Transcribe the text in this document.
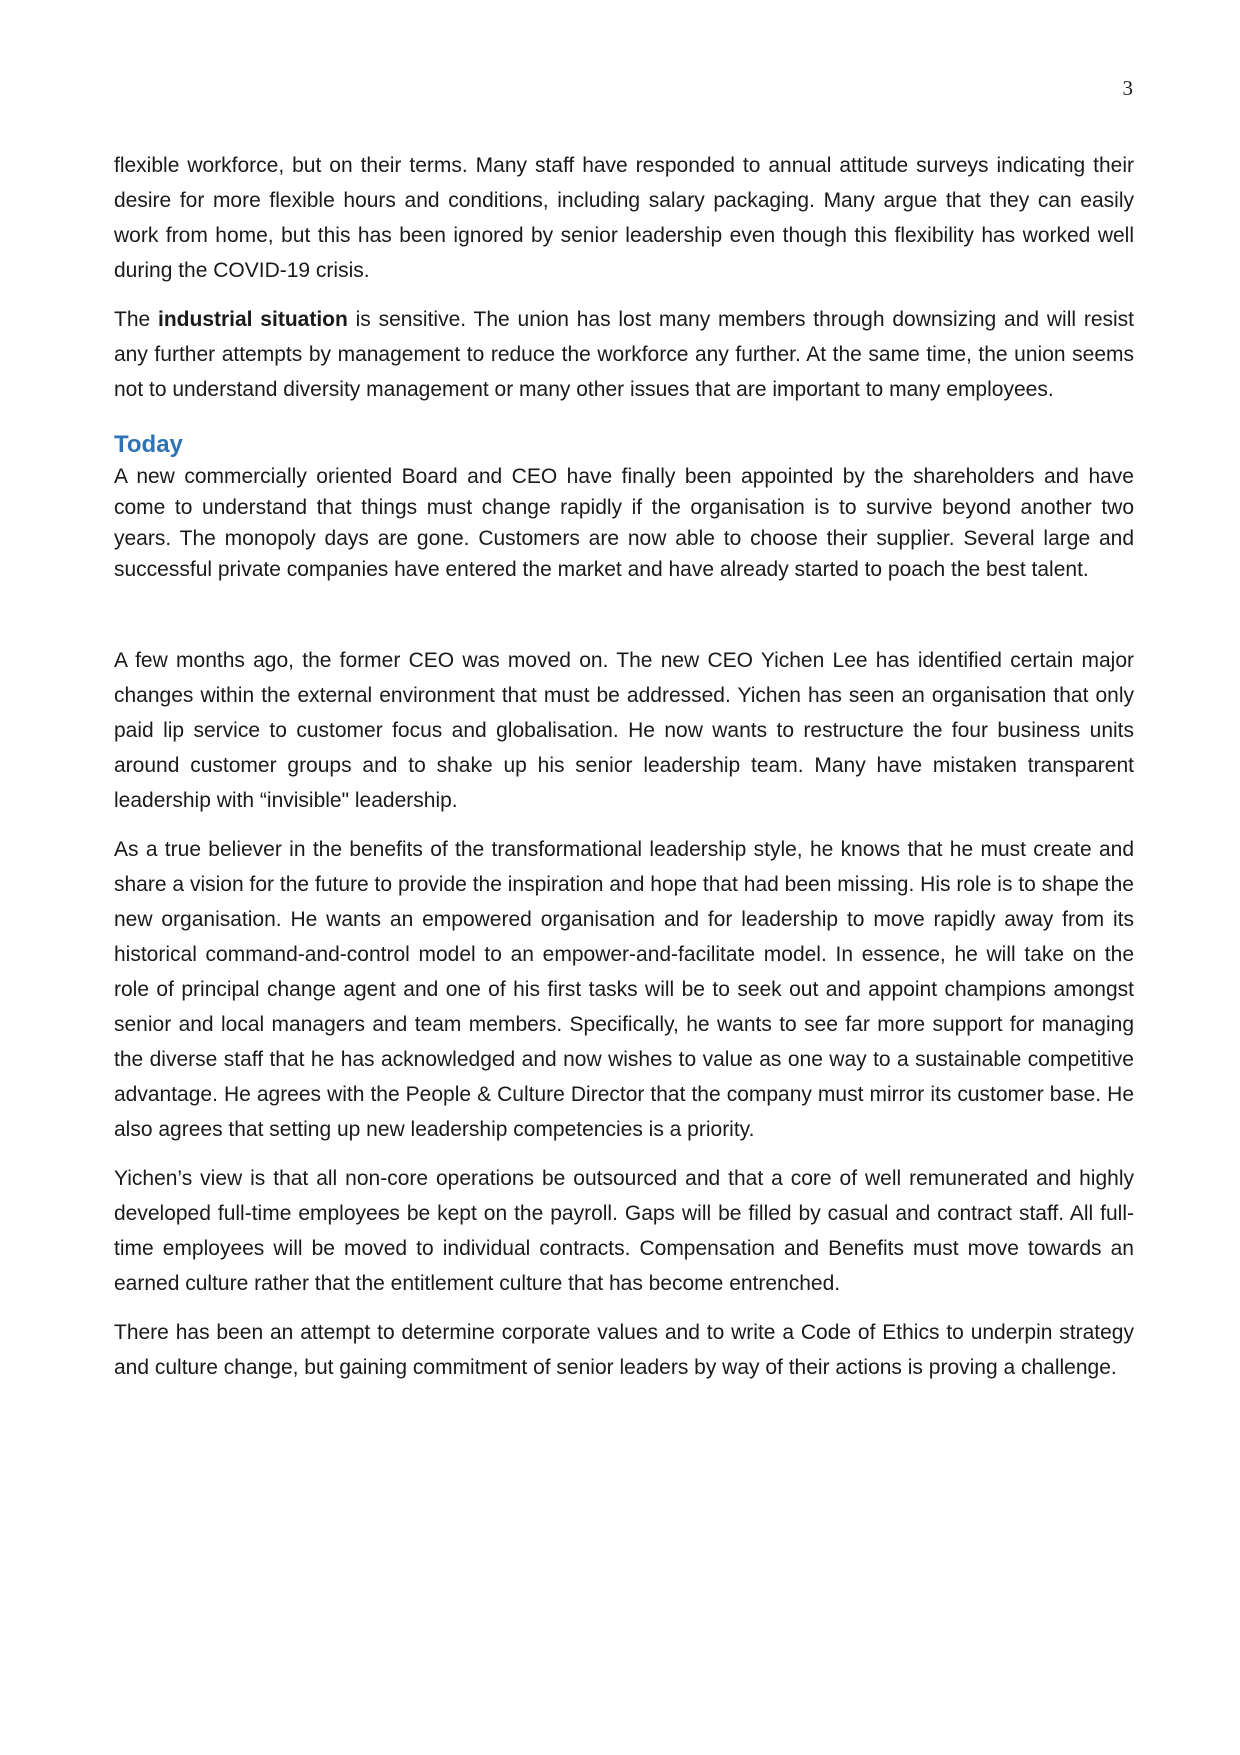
3

flexible workforce, but on their terms. Many staff have responded to annual attitude surveys indicating their desire for more flexible hours and conditions, including salary packaging. Many argue that they can easily work from home, but this has been ignored by senior leadership even though this flexibility has worked well during the COVID-19 crisis.

The industrial situation is sensitive. The union has lost many members through downsizing and will resist any further attempts by management to reduce the workforce any further. At the same time, the union seems not to understand diversity management or many other issues that are important to many employees.

Today

A new commercially oriented Board and CEO have finally been appointed by the shareholders and have come to understand that things must change rapidly if the organisation is to survive beyond another two years. The monopoly days are gone. Customers are now able to choose their supplier. Several large and successful private companies have entered the market and have already started to poach the best talent.

A few months ago, the former CEO was moved on. The new CEO Yichen Lee has identified certain major changes within the external environment that must be addressed. Yichen has seen an organisation that only paid lip service to customer focus and globalisation. He now wants to restructure the four business units around customer groups and to shake up his senior leadership team. Many have mistaken transparent leadership with “invisible" leadership.

As a true believer in the benefits of the transformational leadership style, he knows that he must create and share a vision for the future to provide the inspiration and hope that had been missing. His role is to shape the new organisation. He wants an empowered organisation and for leadership to move rapidly away from its historical command-and-control model to an empower-and-facilitate model. In essence, he will take on the role of principal change agent and one of his first tasks will be to seek out and appoint champions amongst senior and local managers and team members. Specifically, he wants to see far more support for managing the diverse staff that he has acknowledged and now wishes to value as one way to a sustainable competitive advantage. He agrees with the People & Culture Director that the company must mirror its customer base. He also agrees that setting up new leadership competencies is a priority.

Yichen’s view is that all non-core operations be outsourced and that a core of well remunerated and highly developed full-time employees be kept on the payroll. Gaps will be filled by casual and contract staff. All full-time employees will be moved to individual contracts. Compensation and Benefits must move towards an earned culture rather that the entitlement culture that has become entrenched.

There has been an attempt to determine corporate values and to write a Code of Ethics to underpin strategy and culture change, but gaining commitment of senior leaders by way of their actions is proving a challenge.
